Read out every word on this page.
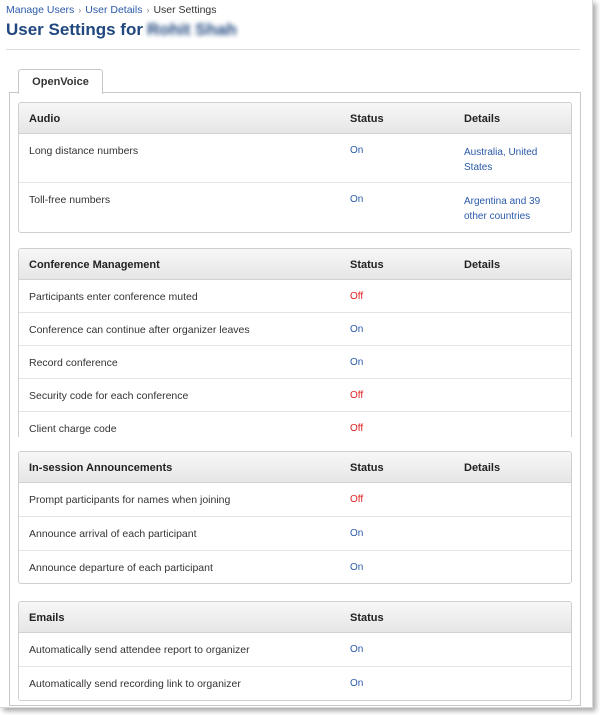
Manage Users › User Details › User Settings
User Settings for Rohit Shah
OpenVoice
Audio	Status	Details
Long distance numbers	On	Australia, United States
Toll-free numbers	On	Argentina and 39 other countries
Conference Management	Status	Details
Participants enter conference muted	Off
Conference can continue after organizer leaves	On
Record conference	On
Security code for each conference	Off
Client charge code	Off
In-session Announcements	Status	Details
Prompt participants for names when joining	Off
Announce arrival of each participant	On
Announce departure of each participant	On
Emails	Status
Automatically send attendee report to organizer	On
Automatically send recording link to organizer	On
